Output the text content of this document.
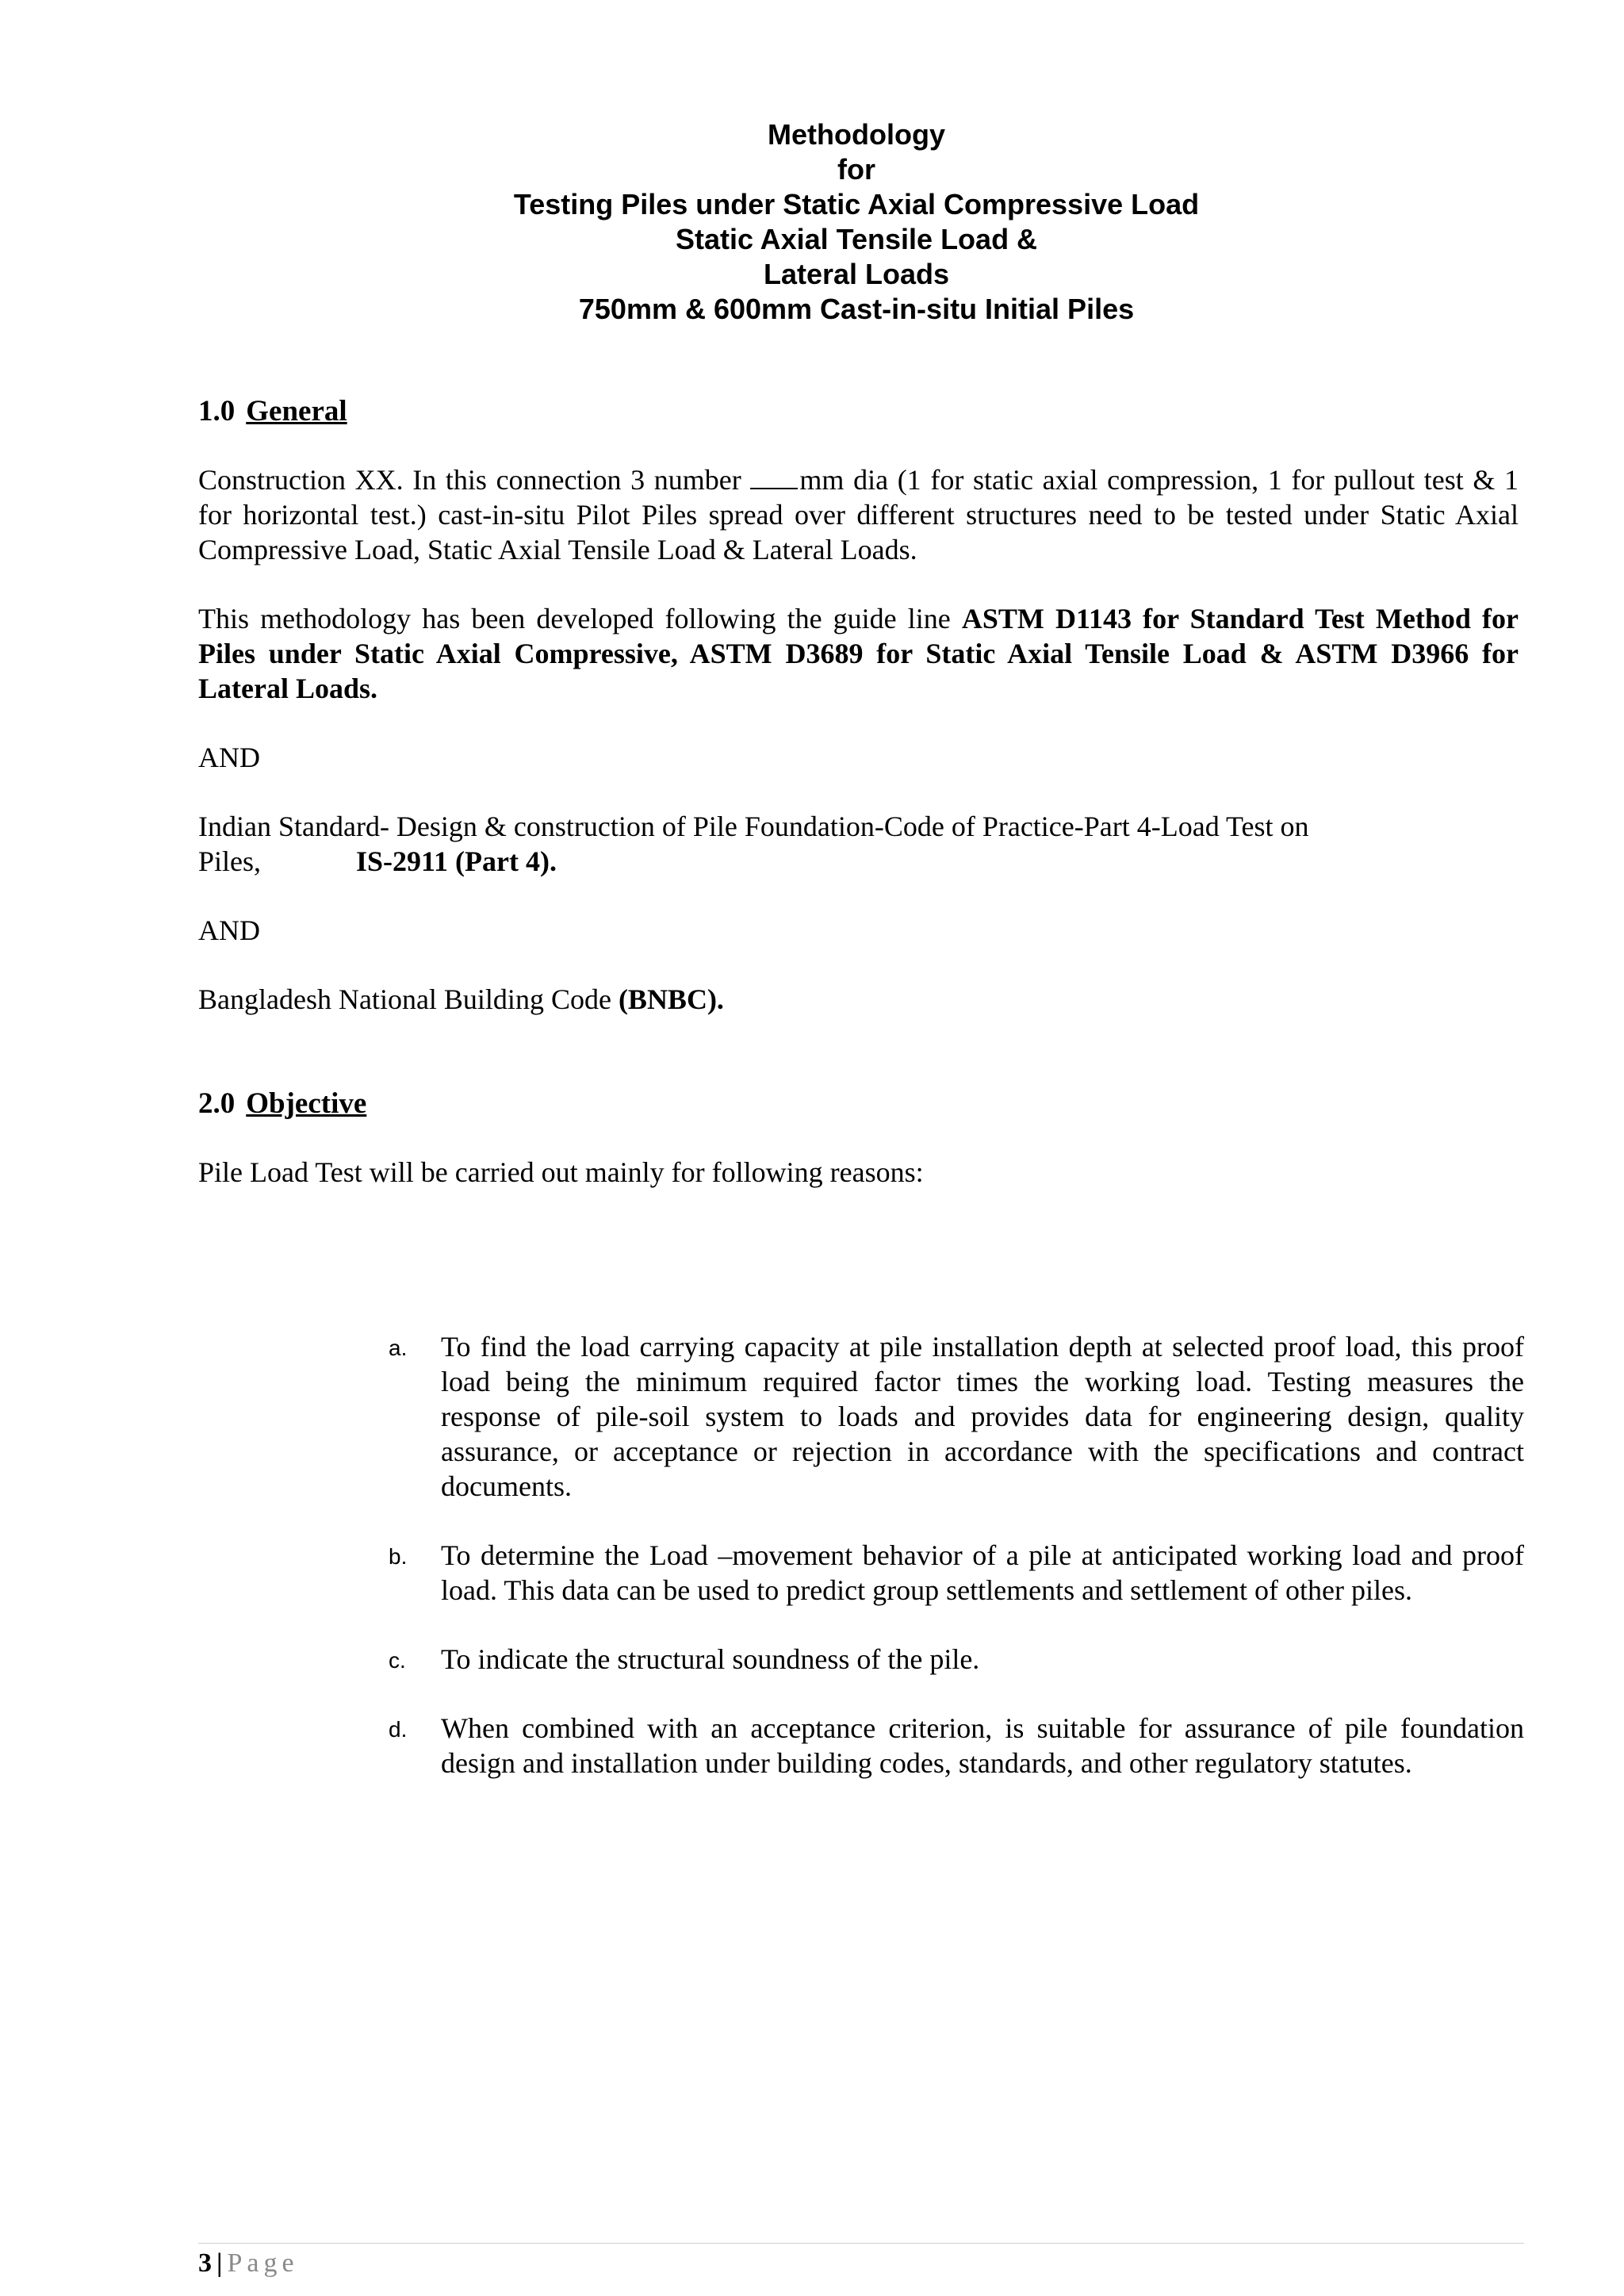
Methodology
for
Testing Piles under Static Axial Compressive Load
Static Axial Tensile Load &
Lateral Loads
750mm & 600mm Cast-in-situ Initial Piles
1.0 General
Construction XX. In this connection 3 number mm dia (1 for static axial compression, 1 for pullout test & 1 for horizontal test.) cast-in-situ Pilot Piles spread over different structures need to be tested under Static Axial Compressive Load, Static Axial Tensile Load & Lateral Loads.
This methodology has been developed following the guide line ASTM D1143 for Standard Test Method for Piles under Static Axial Compressive, ASTM D3689 for Static Axial Tensile Load & ASTM D3966 for Lateral Loads.
AND
Indian Standard- Design & construction of Pile Foundation-Code of Practice-Part 4-Load Test on Piles,	IS-2911 (Part 4).
AND
Bangladesh National Building Code (BNBC).
2.0 Objective
Pile Load Test will be carried out mainly for following reasons:
a. To find the load carrying capacity at pile installation depth at selected proof load, this proof load being the minimum required factor times the working load. Testing measures the response of pile-soil system to loads and provides data for engineering design, quality assurance, or acceptance or rejection in accordance with the specifications and contract documents.
b. To determine the Load –movement behavior of a pile at anticipated working load and proof load. This data can be used to predict group settlements and settlement of other piles.
c. To indicate the structural soundness of the pile.
d. When combined with an acceptance criterion, is suitable for assurance of pile foundation design and installation under building codes, standards, and other regulatory statutes.
3 | Page
